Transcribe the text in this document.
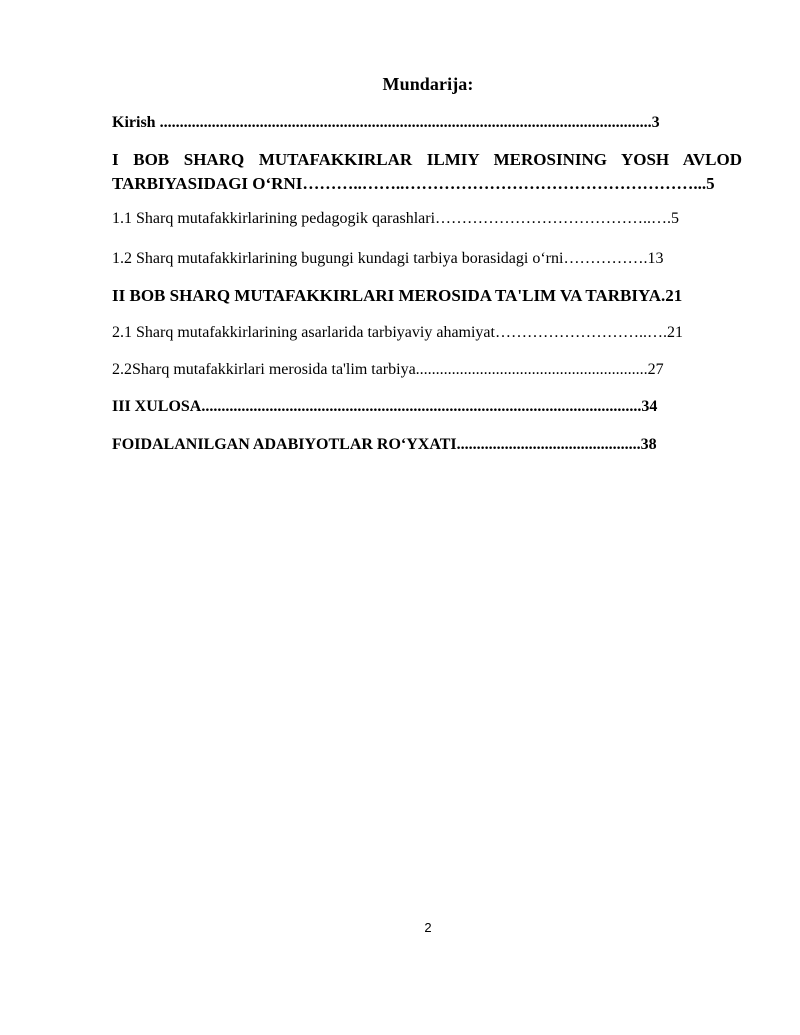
Mundarija:
Kirish ...........................................................................................................................3
I BOB SHARQ MUTAFAKKIRLAR ILMIY MEROSINING YOSH AVLOD TARBIYASIDAGI O‘RNI………..……..……………………………………………...5
1.1 Sharq mutafakkirlarining pedagogik qarashlari…………………………………..….5
1.2 Sharq mutafakkirlarining bugungi kundagi tarbiya borasidagi o‘rni…………….13
II BOB SHARQ MUTAFAKKIRLARI MEROSIDA TA'LIM VA TARBIYA.21
2.1 Sharq mutafakkirlarining asarlarida tarbiyaviy ahamiyat………………………..….21
2.2Sharq mutafakkirlari merosida ta'lim tarbiya..........................................................27
III XULOSA..............................................................................................................34
FOIDALANILGAN ADABIYOTLAR RO‘YXATI..............................................38
2
